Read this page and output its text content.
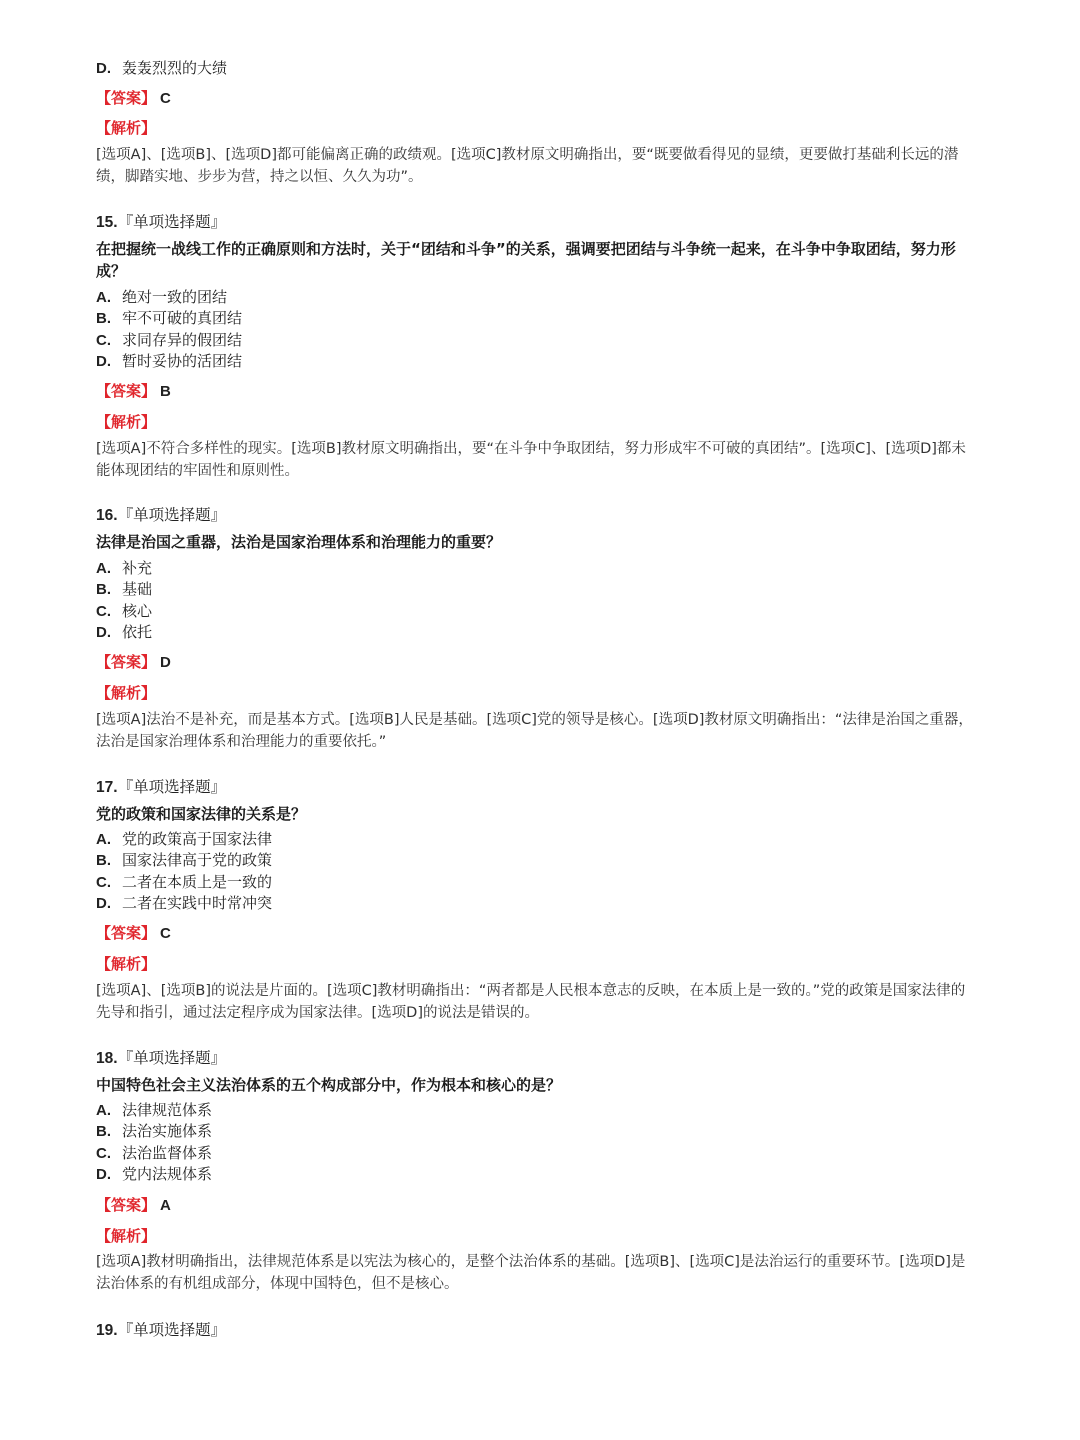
D. 轰轰烈烈的大绩
【答案】 C
【解析】
[选项A]、[选项B]、[选项D]都可能偏离正确的政绩观。[选项C]教材原文明确指出，要“既要做看得见的显绩，更要做打基础利长远的潜绩，脚踏实地、步步为营，持之以恒、久久为功”。
15.『单项选择题』
在把握统一战线工作的正确原则和方法时，关于“团结和斗争”的关系，强调要把团结与斗争统一起来，在斗争中争取团结，努力形成？
A. 绝对一致的团结
B. 牢不可破的真团结
C. 求同存异的假团结
D. 暂时妥协的活团结
【答案】 B
【解析】
[选项A]不符合多样性的现实。[选项B]教材原文明确指出，要“在斗争中争取团结，努力形成牢不可破的真团结”。[选项C]、[选项D]都未能体现团结的牢固性和原则性。
16.『单项选择题』
法律是治国之重器，法治是国家治理体系和治理能力的重要？
A. 补充
B. 基础
C. 核心
D. 依托
【答案】 D
【解析】
[选项A]法治不是补充，而是基本方式。[选项B]人民是基础。[选项C]党的领导是核心。[选项D]教材原文明确指出：“法律是治国之重器，法治是国家治理体系和治理能力的重要依托。”
17.『单项选择题』
党的政策和国家法律的关系是？
A. 党的政策高于国家法律
B. 国家法律高于党的政策
C. 二者在本质上是一致的
D. 二者在实践中时常冲突
【答案】 C
【解析】
[选项A]、[选项B]的说法是片面的。[选项C]教材明确指出：“两者都是人民根本意志的反映，在本质上是一致的。”党的政策是国家法律的先导和指引，通过法定程序成为国家法律。[选项D]的说法是错误的。
18.『单项选择题』
中国特色社会主义法治体系的五个构成部分中，作为根本和核心的是？
A. 法律规范体系
B. 法治实施体系
C. 法治监督体系
D. 党内法规体系
【答案】 A
【解析】
[选项A]教材明确指出，法律规范体系是以宪法为核心的，是整个法治体系的基础。[选项B]、[选项C]是法治运行的重要环节。[选项D]是法治体系的有机组成部分，体现中国特色，但不是核心。
19.『单项选择题』
